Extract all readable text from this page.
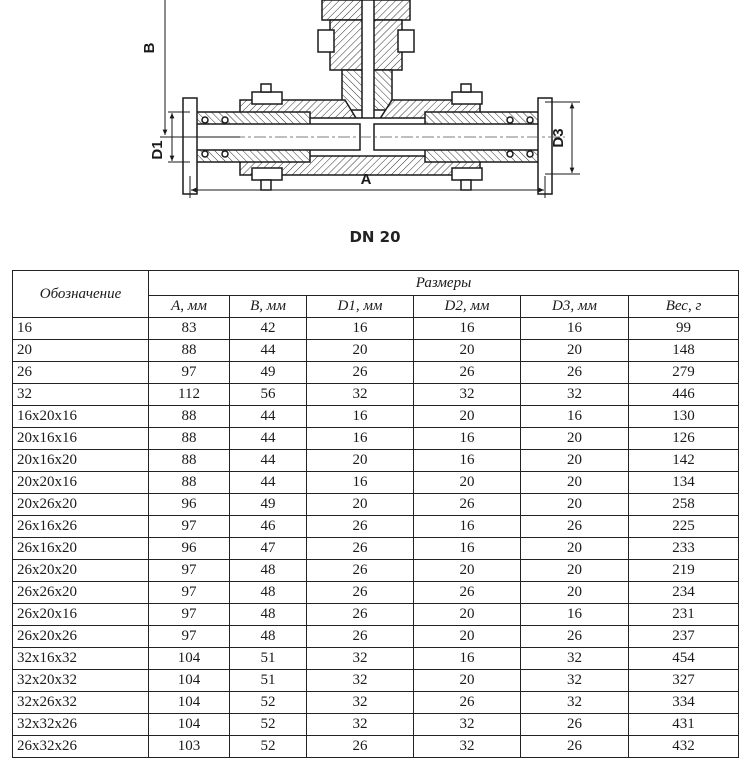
B
D1
D3
A
DN 20
Обозначение	Размеры					
	A, мм	B, мм	D1, мм	D2, мм	D3, мм	Вес, г
16	83	42	16	16	16	99
20	88	44	20	20	20	148
26	97	49	26	26	26	279
32	112	56	32	32	32	446
16x20x16	88	44	16	20	16	130
20x16x16	88	44	16	16	20	126
20x16x20	88	44	20	16	20	142
20x20x16	88	44	16	20	20	134
20x26x20	96	49	20	26	20	258
26x16x26	97	46	26	16	26	225
26x16x20	96	47	26	16	20	233
26x20x20	97	48	26	20	20	219
26x26x20	97	48	26	26	20	234
26x20x16	97	48	26	20	16	231
26x20x26	97	48	26	20	26	237
32x16x32	104	51	32	16	32	454
32x20x32	104	51	32	20	32	327
32x26x32	104	52	32	26	32	334
32x32x26	104	52	32	32	26	431
26x32x26	103	52	26	32	26	432
